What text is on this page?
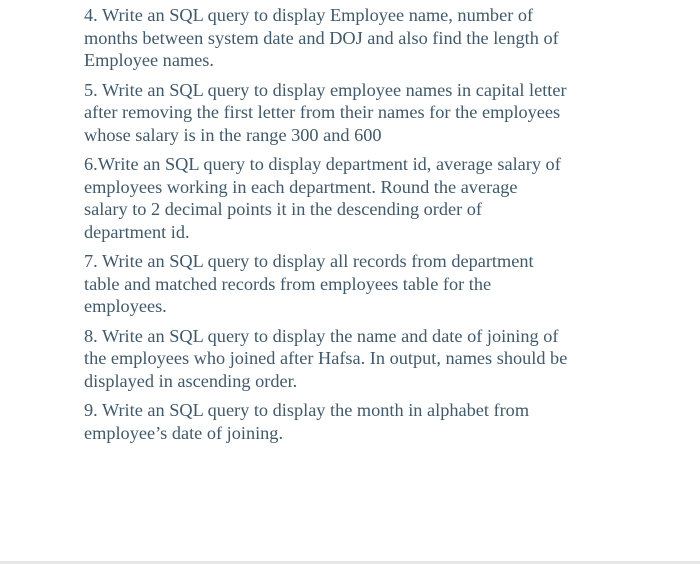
4. Write an SQL query to display Employee name, number of
months between system date and DOJ and also find the length of
Employee names.
5. Write an SQL query to display employee names in capital letter
after removing the first letter from their names for the employees
whose salary is in the range 300 and 600
6.Write an SQL query to display department id, average salary of
employees working in each department. Round the average
salary to 2 decimal points it in the descending order of
department id.
7. Write an SQL query to display all records from department
table and matched records from employees table for the
employees.
8. Write an SQL query to display the name and date of joining of
the employees who joined after Hafsa. In output, names should be
displayed in ascending order.
9. Write an SQL query to display the month in alphabet from
employee’s date of joining.
